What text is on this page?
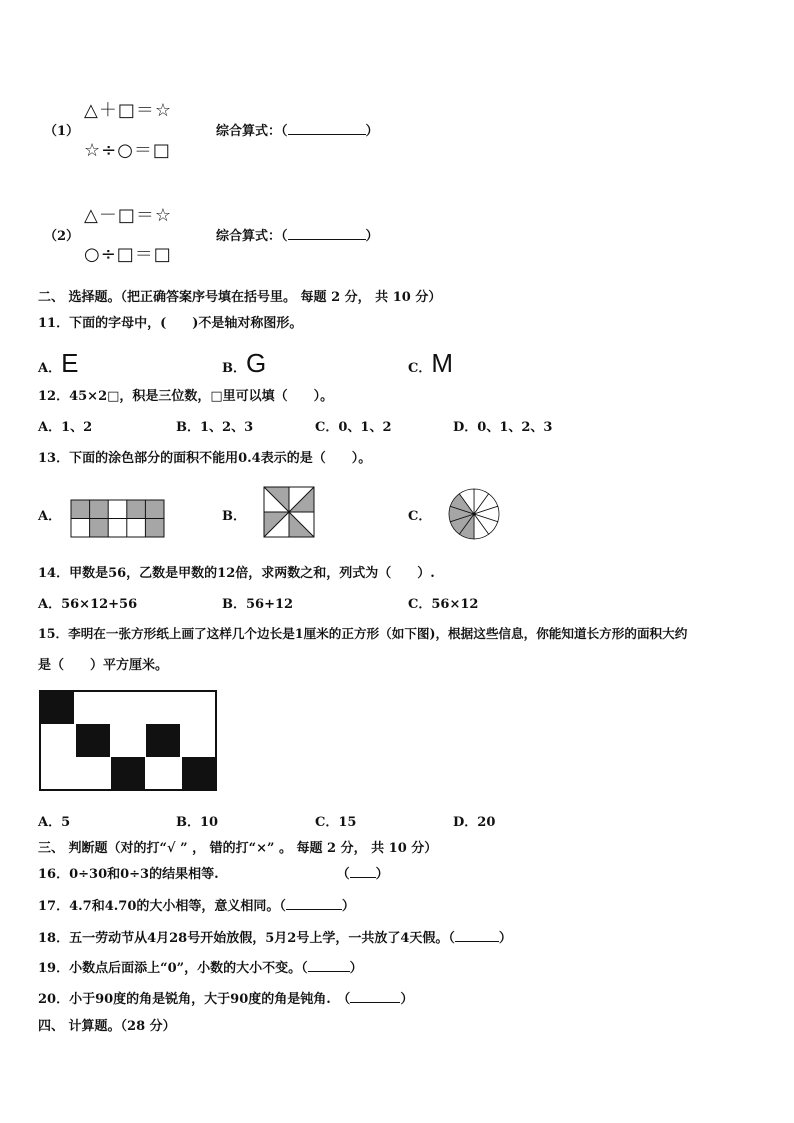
（1）
△＋□＝☆
☆÷○＝□
综合算式：（	）
（2）
△－□＝☆
○÷□＝□
综合算式：（	）
二、 选择题。（把正确答案序号填在括号里。 每题 2 分， 共 10 分）
11．下面的字母中，(　　)不是轴对称图形。
A．E	B．G	C．M
12．45×2□，积是三位数，□里可以填（　　）。
A．1、2	B．1、2、3	C．0、1、2	D．0、1、2、3
13．下面的涂色部分的面积不能用0.4表示的是（　　）。
A．	B．	C．
14．甲数是56，乙数是甲数的12倍，求两数之和，列式为（　　）.
A．56×12+56	B．56+12	C．56×12
15．李明在一张方形纸上画了这样几个边长是1厘米的正方形（如下图)，根据这些信息，你能知道长方形的面积大约
是（　　）平方厘米。
A．5	B．10	C．15	D．20
三、 判断题（对的打“√ ” ， 错的打“×” 。 每题 2 分， 共 10 分）
16．0÷30和0÷3的结果相等.	（ ）
17．4.7和4.70的大小相等，意义相同。（	）
18．五一劳动节从4月28号开始放假，5月2号上学，一共放了4天假。（	）
19．小数点后面添上“0”，小数的大小不变。（	）
20．小于90度的角是锐角，大于90度的角是钝角.　（	）
四、 计算题。（28 分）
